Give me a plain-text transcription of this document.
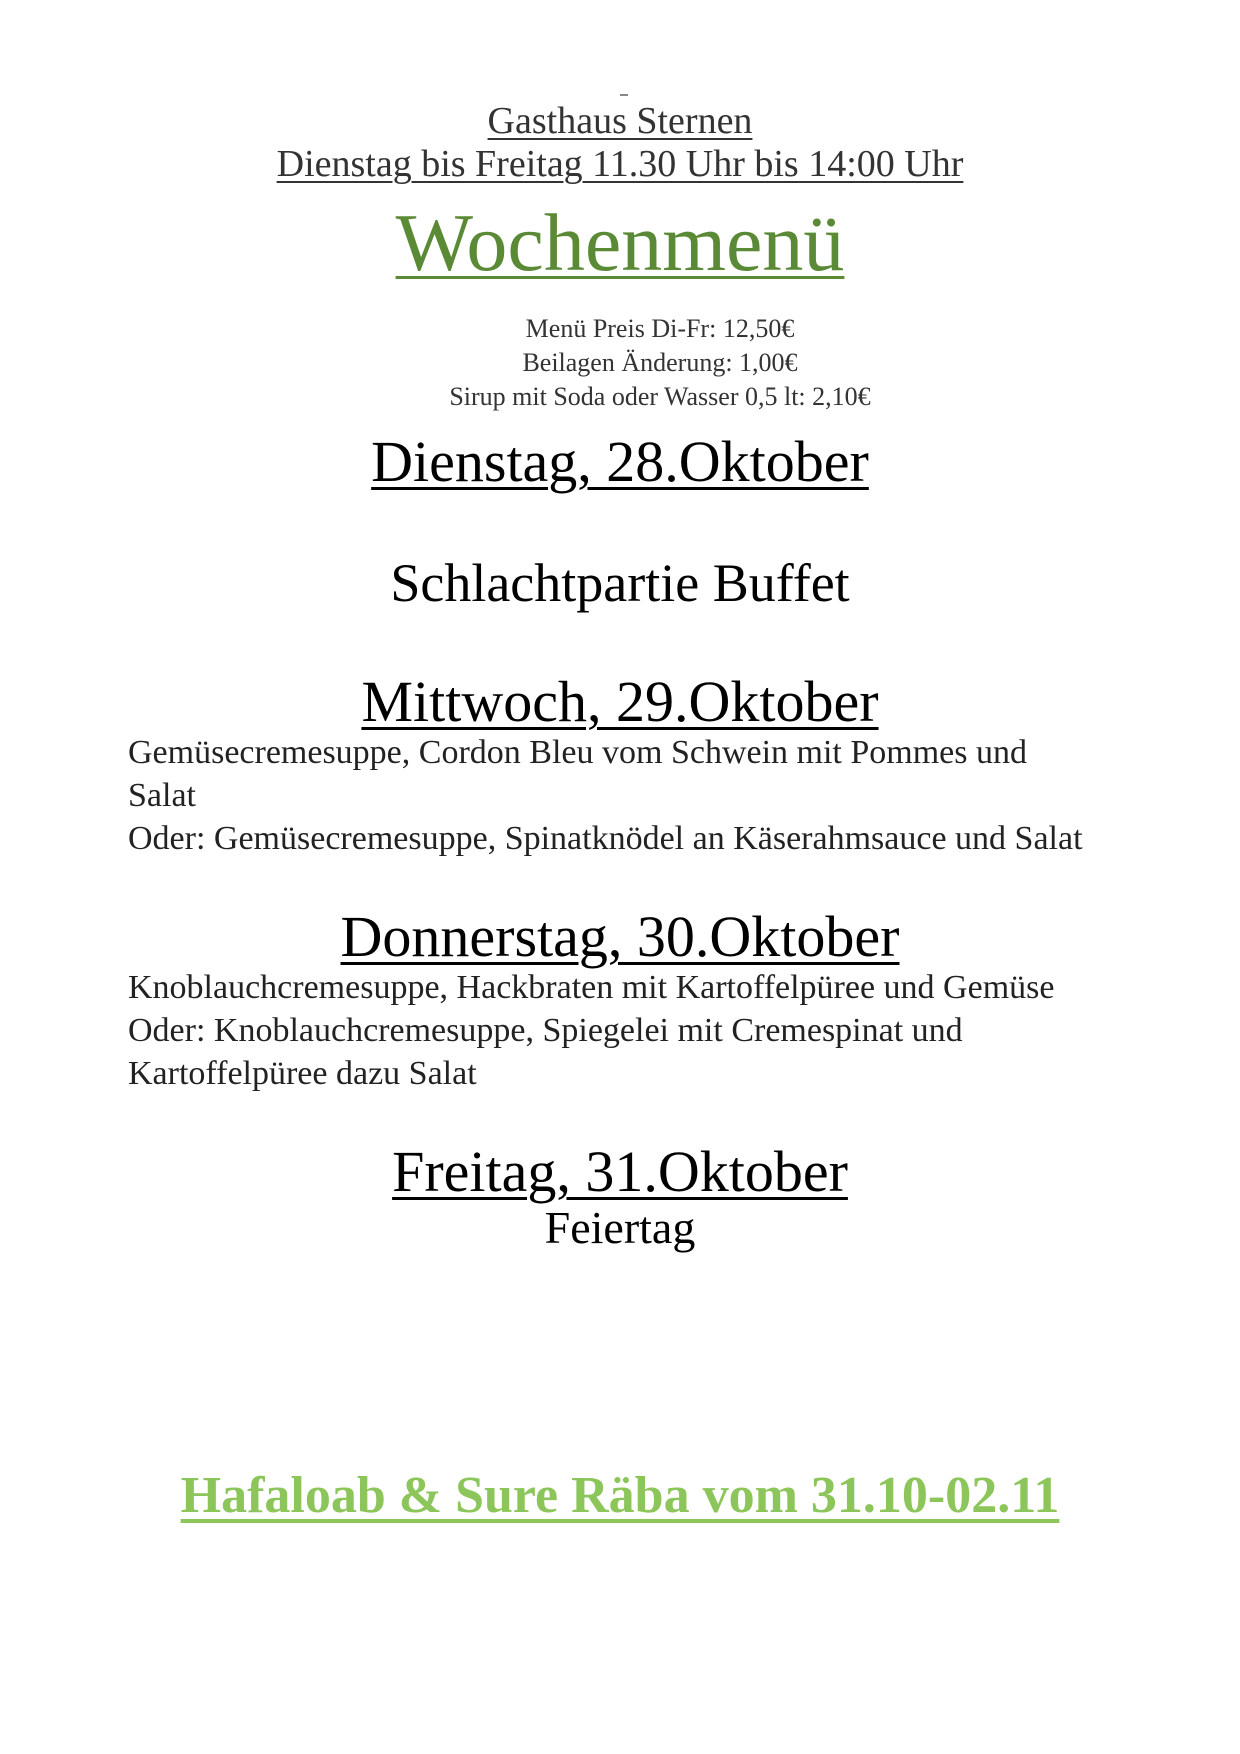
Gasthaus Sternen
Dienstag bis Freitag 11.30 Uhr bis 14:00 Uhr
Wochenmenü
Menü Preis Di-Fr: 12,50€
Beilagen Änderung: 1,00€
Sirup mit Soda oder Wasser 0,5 lt: 2,10€
Dienstag, 28.Oktober
Schlachtpartie Buffet
Mittwoch, 29.Oktober
Gemüsecremesuppe, Cordon Bleu vom Schwein mit Pommes und
Salat
Oder: Gemüsecremesuppe, Spinatknödel an Käserahmsauce und Salat
Donnerstag, 30.Oktober
Knoblauchcremesuppe, Hackbraten mit Kartoffelpüree und Gemüse
Oder: Knoblauchcremesuppe, Spiegelei mit Cremespinat und
Kartoffelpüree dazu Salat
Freitag, 31.Oktober
Feiertag
Hafaloab & Sure Räba vom 31.10-02.11
